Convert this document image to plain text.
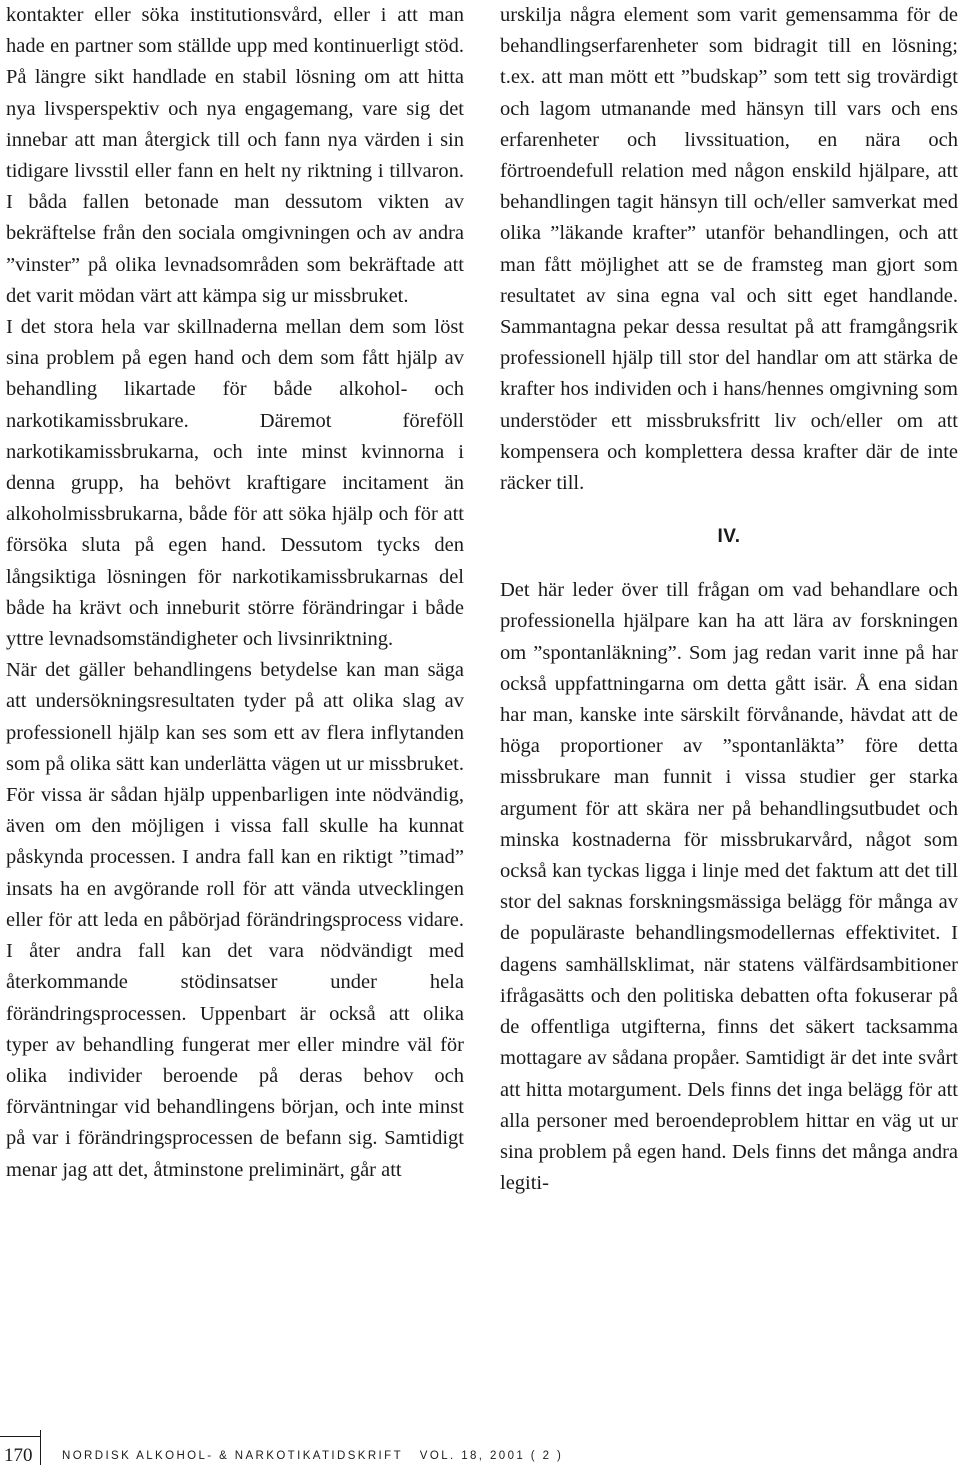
kontakter eller söka institutionsvård, eller i att man hade en partner som ställde upp med kontinuerligt stöd. På längre sikt handlade en stabil lösning om att hitta nya livsperspektiv och nya engagemang, vare sig det innebar att man återgick till och fann nya värden i sin tidigare livsstil eller fann en helt ny riktning i tillvaron. I båda fallen betonade man dessutom vikten av bekräftelse från den sociala omgivningen och av andra ”vinster” på olika levnadsområden som bekräftade att det varit mödan värt att kämpa sig ur missbruket.

I det stora hela var skillnaderna mellan dem som löst sina problem på egen hand och dem som fått hjälp av behandling likartade för både alkohol- och narkotikamissbrukare. Däremot föreföll narkotikamissbrukarna, och inte minst kvinnorna i denna grupp, ha behövt kraftigare incitament än alkoholmissbrukarna, både för att söka hjälp och för att försöka sluta på egen hand. Dessutom tycks den långsiktiga lösningen för narkotikamissbrukarnas del både ha krävt och inneburit större förändringar i både yttre levnadsomständigheter och livsinriktning.

När det gäller behandlingens betydelse kan man säga att undersökningsresultaten tyder på att olika slag av professionell hjälp kan ses som ett av flera inflytanden som på olika sätt kan underlätta vägen ut ur missbruket. För vissa är sådan hjälp uppenbarligen inte nödvändig, även om den möjligen i vissa fall skulle ha kunnat påskynda processen. I andra fall kan en riktigt ”timad” insats ha en avgörande roll för att vända utvecklingen eller för att leda en påbörjad förändringsprocess vidare. I åter andra fall kan det vara nödvändigt med återkommande stödinsatser under hela förändringsprocessen. Uppenbart är också att olika typer av behandling fungerat mer eller mindre väl för olika individer beroende på deras behov och förväntningar vid behandlingens början, och inte minst på var i förändringsprocessen de befann sig. Samtidigt menar jag att det, åtminstone preliminärt, går att

urskilja några element som varit gemensamma för de behandlingserfarenheter som bidragit till en lösning; t.ex. att man mött ett ”budskap” som tett sig trovärdigt och lagom utmanande med hänsyn till vars och ens erfarenheter och livssituation, en nära och förtroendefull relation med någon enskild hjälpare, att behandlingen tagit hänsyn till och/eller samverkat med olika ”läkande krafter” utanför behandlingen, och att man fått möjlighet att se de framsteg man gjort som resultatet av sina egna val och sitt eget handlande. Sammantagna pekar dessa resultat på att framgångsrik professionell hjälp till stor del handlar om att stärka de krafter hos individen och i hans/hennes omgivning som understöder ett missbruksfritt liv och/eller om att kompensera och komplettera dessa krafter där de inte räcker till.

IV.

Det här leder över till frågan om vad behandlare och professionella hjälpare kan ha att lära av forskningen om ”spontanläkning”. Som jag redan varit inne på har också uppfattningarna om detta gått isär. Å ena sidan har man, kanske inte särskilt förvånande, hävdat att de höga proportioner av ”spontanläkta” före detta missbrukare man funnit i vissa studier ger starka argument för att skära ner på behandlingsutbudet och minska kostnaderna för missbrukarvård, något som också kan tyckas ligga i linje med det faktum att det till stor del saknas forskningsmässiga belägg för många av de populäraste behandlingsmodellernas effektivitet. I dagens samhällsklimat, när statens välfärdsambitioner ifrågasätts och den politiska debatten ofta fokuserar på de offentliga utgifterna, finns det säkert tacksamma mottagare av sådana propåer. Samtidigt är det inte svårt att hitta motargument. Dels finns det inga belägg för att alla personer med beroendeproblem hittar en väg ut ur sina problem på egen hand. Dels finns det många andra legiti-

170	NORDISK ALKOHOL- & NARKOTIKATIDSKRIFT VOL. 18, 2001 ( 2 )
